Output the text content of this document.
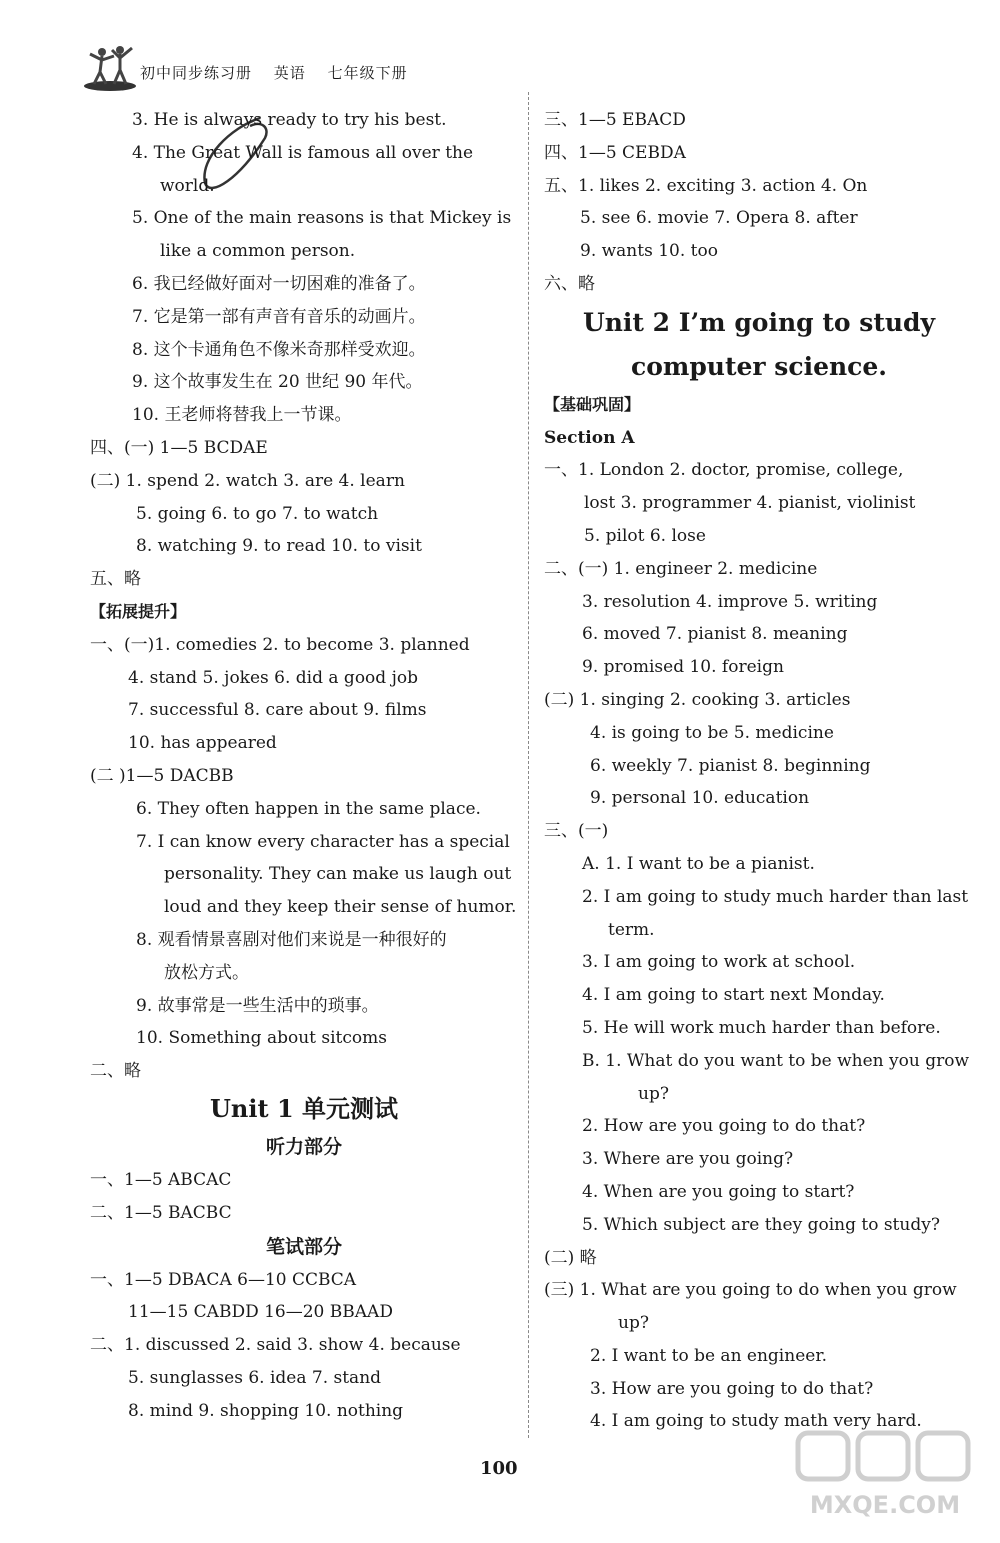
初中同步练习册 英语 七年级下册
3. He is always ready to try his best.
4. The Great Wall is famous all over the
world.
5. One of the main reasons is that Mickey is
like a common person.
6. 我已经做好面对一切困难的准备了。
7. 它是第一部有声音有音乐的动画片。
8. 这个卡通角色不像米奇那样受欢迎。
9. 这个故事发生在 20 世纪 90 年代。
10. 王老师将替我上一节课。
四、(一) 1—5 BCDAE
(二) 1. spend 2. watch 3. are 4. learn
5. going 6. to go 7. to watch
8. watching 9. to read 10. to visit
五、略
【拓展提升】
一、(一)1. comedies 2. to become 3. planned
4. stand 5. jokes 6. did a good job
7. successful 8. care about 9. films
10. has appeared
(二 )1—5 DACBB
6. They often happen in the same place.
7. I can know every character has a special
personality. They can make us laugh out
loud and they keep their sense of humor.
8. 观看情景喜剧对他们来说是一种很好的
放松方式。
9. 故事常是一些生活中的琐事。
10. Something about sitcoms
二、略
Unit 1 单元测试
听力部分
一、1—5 ABCAC
二、1—5 BACBC
笔试部分
一、1—5 DBACA 6—10 CCBCA
11—15 CABDD 16—20 BBAAD
二、1. discussed 2. said 3. show 4. because
5. sunglasses 6. idea 7. stand
8. mind 9. shopping 10. nothing
三、1—5 EBACD
四、1—5 CEBDA
五、1. likes 2. exciting 3. action 4. On
5. see 6. movie 7. Opera 8. after
9. wants 10. too
六、略
Unit 2 I’m going to study
computer science.
【基础巩固】
Section A
一、1. London 2. doctor, promise, college,
lost 3. programmer 4. pianist, violinist
5. pilot 6. lose
二、(一) 1. engineer 2. medicine
3. resolution 4. improve 5. writing
6. moved 7. pianist 8. meaning
9. promised 10. foreign
(二) 1. singing 2. cooking 3. articles
4. is going to be 5. medicine
6. weekly 7. pianist 8. beginning
9. personal 10. education
三、(一)
A. 1. I want to be a pianist.
2. I am going to study much harder than last
term.
3. I am going to work at school.
4. I am going to start next Monday.
5. He will work much harder than before.
B. 1. What do you want to be when you grow
up?
2. How are you going to do that?
3. Where are you going?
4. When are you going to start?
5. Which subject are they going to study?
(二) 略
(三) 1. What are you going to do when you grow
up?
2. I want to be an engineer.
3. How are you going to do that?
4. I am going to study math very hard.
100
MXQE.COM
